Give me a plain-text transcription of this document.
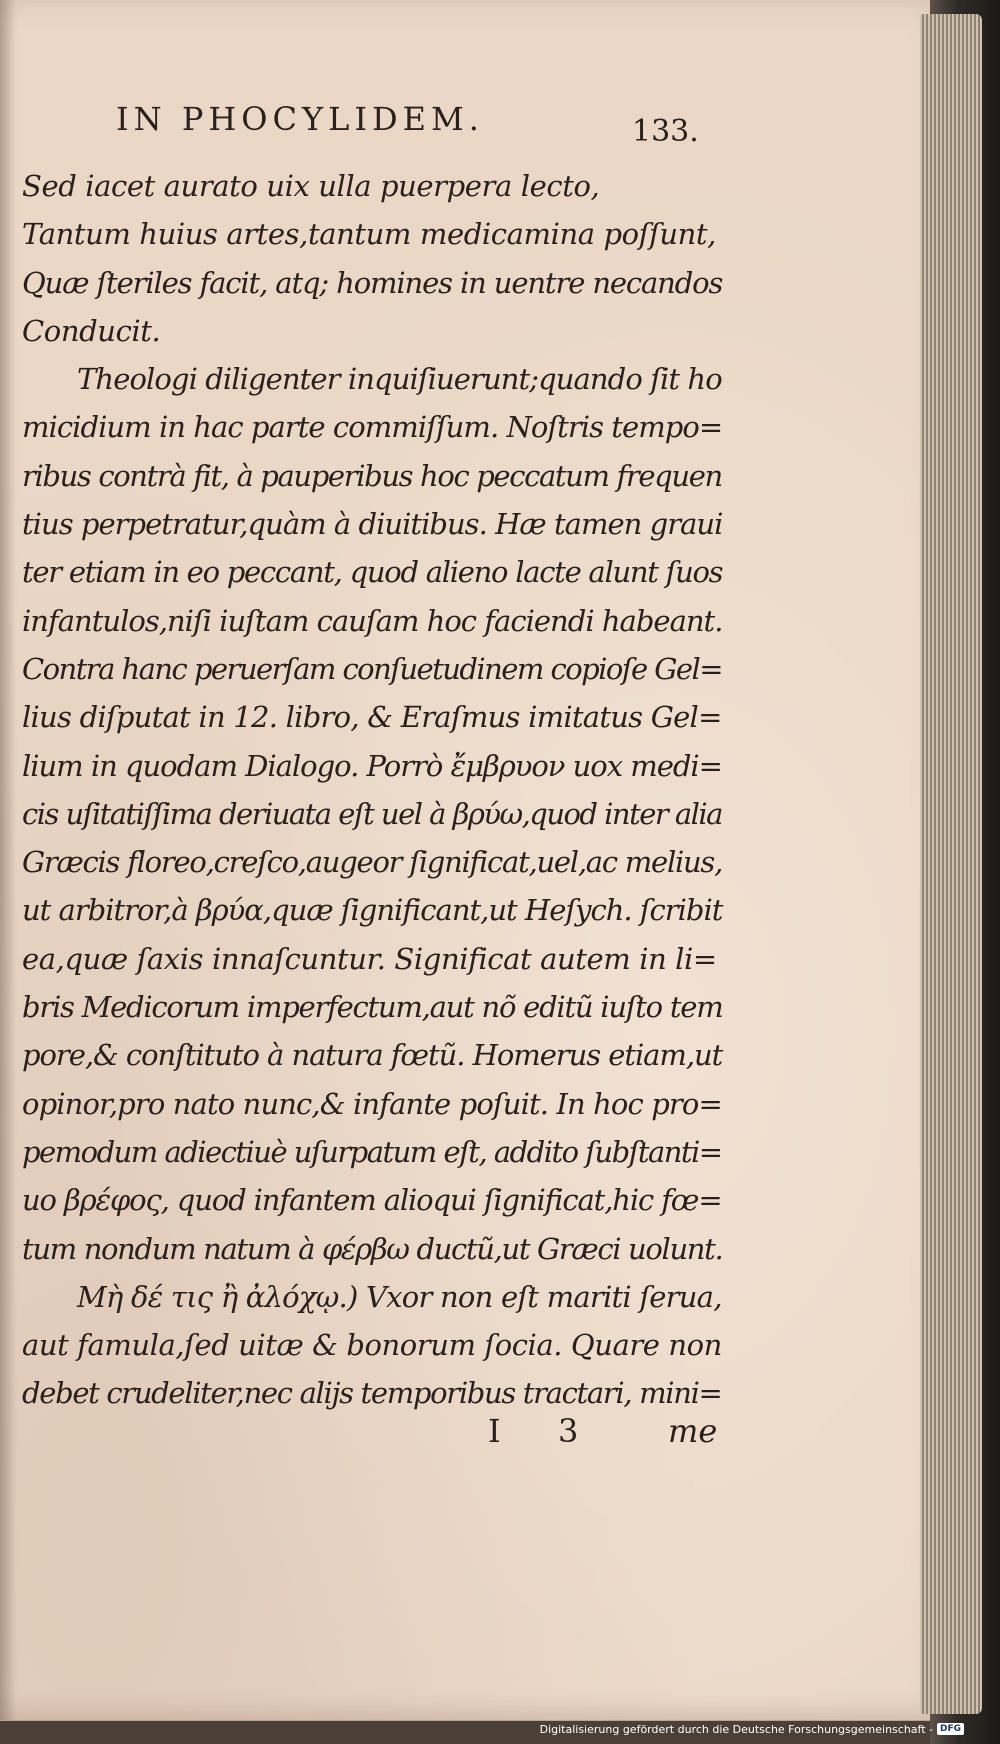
IN PHOCYLIDEM.	133.
Sed iacet aurato uix ulla puerpera lecto,
Tantum huius artes,tantum medicamina poſſunt,
Quæ ſteriles facit, atq; homines in uentre necandos
Conducit.
Theologi diligenter inquiſiuerunt;quando ſit ho
micidium in hac parte commiſſum. Noſtris tempo=
ribus contrà fit, à pauperibus hoc peccatum frequen
tius perpetratur,quàm à diuitibus. Hæ tamen graui
ter etiam in eo peccant, quod alieno lacte alunt ſuos
infantulos,niſi iuſtam cauſam hoc faciendi habeant.
Contra hanc peruerſam conſuetudinem copioſe Gel=
lius diſputat in 12. libro, & Eraſmus imitatus Gel=
lium in quodam Dialogo. Porrò ἔμβρυον uox medi=
cis uſitatiſſima deriuata eſt uel à βρύω,quod inter alia
Græcis floreo,creſco,augeor ſignificat,uel,ac melius,
ut arbitror,à βρύα,quæ ſignificant,ut Heſych. ſcribit
ea,quæ ſaxis innaſcuntur. Significat autem in li=
bris Medicorum imperfectum,aut nõ editũ iuſto tem
pore,& conſtituto à natura fœtũ. Homerus etiam,ut
opinor,pro nato nunc,& infante poſuit. In hoc pro=
pemodum adiectiuè uſurpatum eſt, addito ſubſtanti=
uo βρέφος, quod infantem alioqui ſignificat,hic fœ=
tum nondum natum à φέρβω ductũ,ut Græci uolunt.
Μὴ δέ τις ἢ ἀλόχῳ.) Vxor non eſt mariti ſerua,
aut famula,ſed uitæ & bonorum ſocia. Quare non
debet crudeliter,nec alijs temporibus tractari, mini=
I 3	me
Digitalisierung gefördert durch die Deutsche Forschungsgemeinschaft - DFG
